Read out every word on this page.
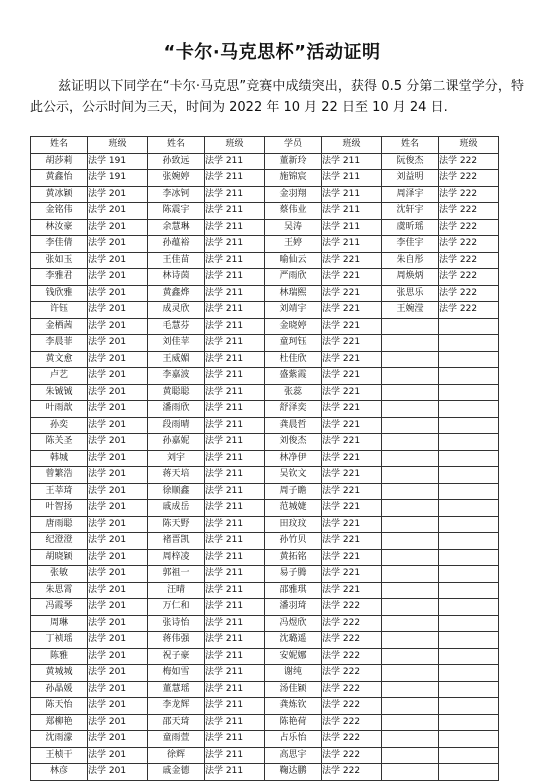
“卡尔·马克思杯”活动证明
兹证明以下同学在“卡尔·马克思”竞赛中成绩突出，获得 0.5 分第二课堂学分，特此公示，公示时间为三天，时间为 2022 年 10 月 22 日至 10 月 24 日.
姓名	班级	姓名	班级	学员	班级	姓名	班级
胡莎莉	法学 191	孙致远	法学 211	董新玲	法学 211	阮俊杰	法学 222
黄鑫怡	法学 191	张婉婷	法学 211	施锦宸	法学 211	刘益明	法学 222
黄冰颖	法学 201	李冰钶	法学 211	金羽翔	法学 211	周泽宇	法学 222
金铭伟	法学 201	陈震宇	法学 211	蔡伟业	法学 211	沈轩宇	法学 222
林汝豪	法学 201	余慧琳	法学 211	吴涛	法学 211	虞昕瑶	法学 222
李佳倩	法学 201	孙蕴裕	法学 211	王婷	法学 211	李佳宇	法学 222
张如玉	法学 201	王佳苗	法学 211	喻仙云	法学 221	朱自彤	法学 222
李雅君	法学 201	林诗茵	法学 211	严雨欣	法学 221	周焕炳	法学 222
钱欣雅	法学 201	黄鑫烨	法学 211	林瑞熙	法学 221	张思乐	法学 222
许钰	法学 201	成灵欣	法学 211	刘靖宇	法学 221	王婉滢	法学 222
金栖茜	法学 201	毛慧芬	法学 211	金晓婷	法学 221		
李晨菲	法学 201	刘佳苹	法学 211	童珂钰	法学 221		
黄文愈	法学 201	王威媚	法学 211	杜佳欣	法学 221		
卢艺	法学 201	李嘉波	法学 211	盛紫霞	法学 221		
朱铖铖	法学 201	黄聪聪	法学 211	张蕊	法学 221		
叶雨歆	法学 201	潘雨欣	法学 211	舒泽奕	法学 221		
孙奕	法学 201	段雨晴	法学 211	龚晨哲	法学 221		
陈关圣	法学 201	孙嘉妮	法学 211	刘俊杰	法学 221		
韩城	法学 201	刘宇	法学 211	林净伊	法学 221		
曾繁浩	法学 201	蒋天培	法学 211	吴钦文	法学 221		
王莘琦	法学 201	徐顺鑫	法学 211	周子瞻	法学 221		
叶智扬	法学 201	戚成岳	法学 211	范城婕	法学 221		
唐雨聪	法学 201	陈天野	法学 211	田玟玟	法学 221		
纪澄澄	法学 201	褚晋凯	法学 211	孙竹贝	法学 221		
胡晓颖	法学 201	周梓凌	法学 211	黄拓铭	法学 221		
张敏	法学 201	郭祖一	法学 211	易子腾	法学 221		
朱思霄	法学 201	汪晴	法学 211	邵雅琪	法学 221		
冯霞琴	法学 201	万仁和	法学 211	潘羽琦	法学 222		
周琳	法学 201	张诗怡	法学 211	冯煜欣	法学 222		
丁祯瑶	法学 201	蒋伟强	法学 211	沈璐遥	法学 222		
陈雅	法学 201	祝子豪	法学 211	安妮娜	法学 222		
黄城城	法学 201	梅如雪	法学 211	谢纯	法学 222		
孙晶媛	法学 201	董慧瑶	法学 211	汤佳颖	法学 222		
陈天怡	法学 201	李龙辉	法学 211	龚炼钦	法学 222		
郑柳艳	法学 201	邵天琦	法学 211	陈艳荷	法学 222		
沈雨濛	法学 201	童雨萱	法学 211	占乐怡	法学 222		
王桢干	法学 201	徐辉	法学 211	高思宇	法学 222		
林彦	法学 201	戚金德	法学 211	鞠达鹏	法学 222		
